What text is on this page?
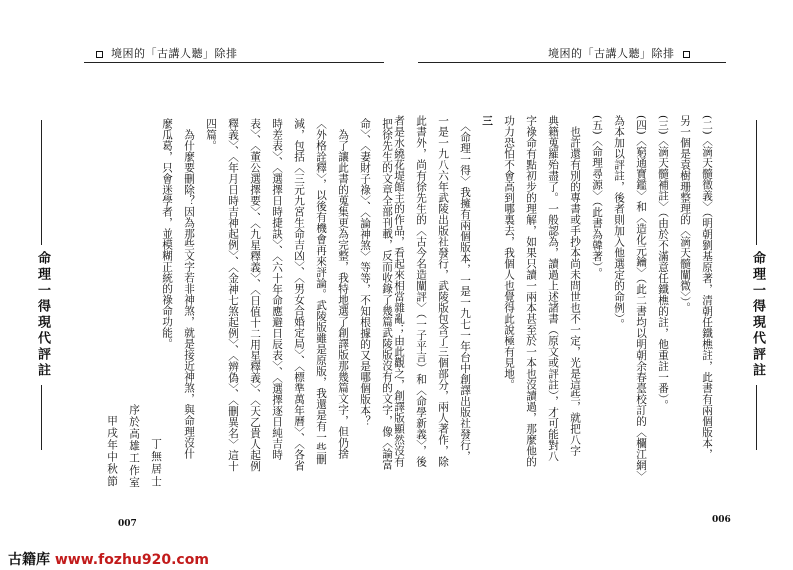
境困的「古講人聽」除排	境困的「古講人聽」除排
命理一得現代評註	命理一得現代評註
007	006
丁無居士
序於高雄工作室
甲戌年中秋節	把徐先生的文章全部刊載，反而收錄了幾篇武陵版沒有的文字，像〈論富
命〉、〈妻財子祿〉、〈論神煞〉等等，不知根據的又是哪個版本？
　為了讓此書的蒐集更為完整，我特地選了創譯版那幾篇文字，但仍捨
〈外格詮釋〉，以後有機會再來評論。武陵版雖是原版，我還是有一些刪
減，包括〈三元九宮生命吉凶〉、〈男女合婚定局〉、〈標準萬年曆〉、〈各省
時差表〉、〈選擇日時捷訣〉、〈六十年命應避日辰表〉、〈選擇逐日純吉時
表〉、〈董公選擇要〉、〈九星釋義〉、〈日值十二用星釋義〉、〈天乙貴人起例
釋義〉、〈年月日時吉神起例〉、〈金神七煞起例〉、〈辨偽〉、〈刪異名〉這十
四篇。
　為什麼要刪除？因為那些文字若非神煞，就是接近神煞，與命理沒什
麼瓜葛，只會迷學者，並模糊正統的祿命功能。	(二)〈滴天髓徵義〉（明朝劉基原著，清朝任鐵樵註，此書有兩個版本，
另一個是袁樹珊整理的〈滴天髓闡微〉）。
(三)〈滴天髓補註〉（由於不滿意任鐵樵的註，他重註一番）。
(四)〈窮通寶鑑〉和〈造化元鑰〉（此二書均以明朝余春臺校訂的〈欄江網〉
為本加以評註，後者則加入他選定的命例）。
(五)〈命理尋源〉（此書為韓著）。
　也許還有別的專書或手抄本尚未問世也不一定，光是這些，就把八字
典籍蒐羅殆盡了。一般認為，讀過上述諸書（原文或評註），才可能對八
字祿命有點初步的理解，如果只讀一兩本甚至於一本也沒讀過，那麼他的
功力恐怕不會高到哪裏去，我個人也覺得此說極有見地。
三
　〈命理一得〉我擁有兩個版本，一是一九七一年台中創譯出版社發行，
一是一九八六年武陵出版社發行，武陵版包含了三個部分，兩人著作，除
此書外，尚有徐先生的〈古今名造闡評〉（一子平言）和〈命學新義〉，後
者是水繞花堤館主的作品，看起來相當雜亂；由此觀之，創譯版顯然沒有
古籍库 www.fozhu920.com
